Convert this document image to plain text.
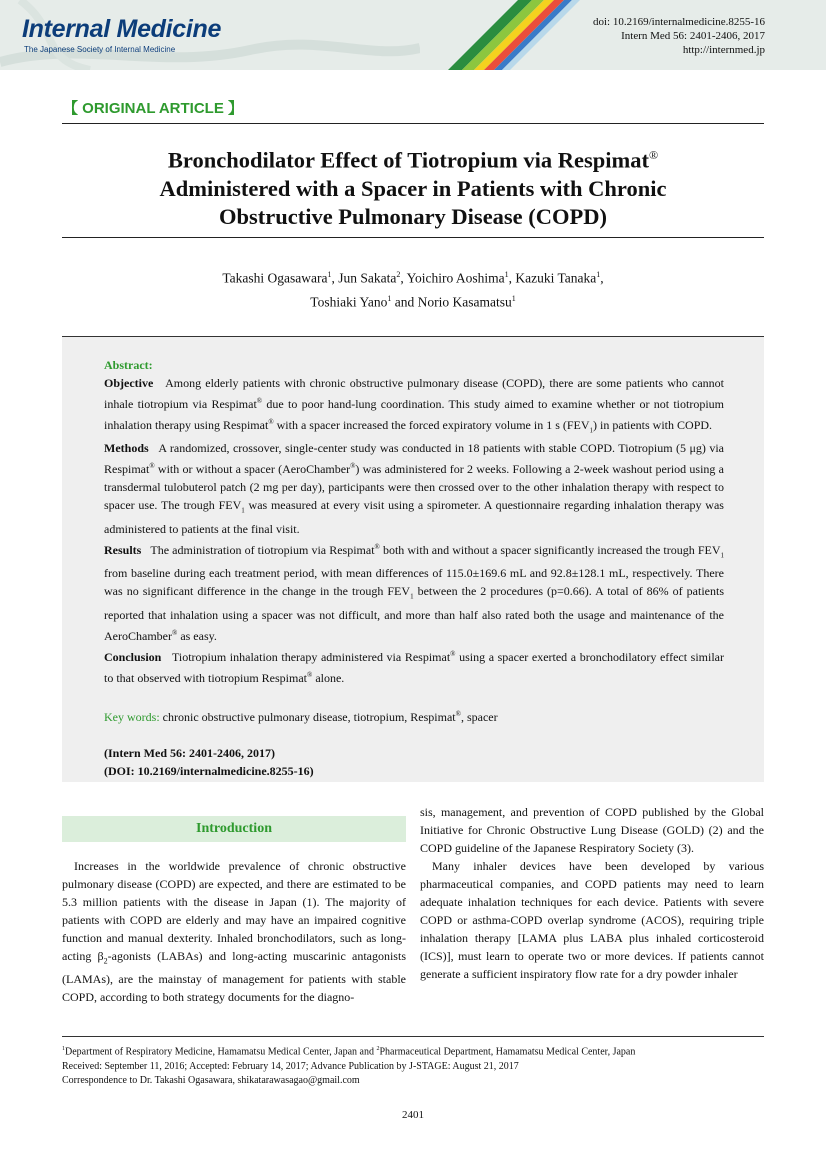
Internal Medicine
The Japanese Society of Internal Medicine
doi: 10.2169/internalmedicine.8255-16
Intern Med 56: 2401-2406, 2017
http://internmed.jp
【 ORIGINAL ARTICLE 】
Bronchodilator Effect of Tiotropium via Respimat®
Administered with a Spacer in Patients with Chronic
Obstructive Pulmonary Disease (COPD)
Takashi Ogasawara$^1$, Jun Sakata$^2$, Yoichiro Aoshima$^1$, Kazuki Tanaka$^1$,
Toshiaki Yano$^1$ and Norio Kasamatsu$^1$

Abstract:

Objective Among elderly patients with chronic obstructive pulmonary disease (COPD), there are some patients who cannot inhale tiotropium via Respimat® due to poor hand-lung coordination. This study aimed to examine whether or not tiotropium inhalation therapy using Respimat® with a spacer increased the forced expiratory volume in 1 s $(FEV_1)$ in patients with COPD.

Methods A randomized, crossover, single-center study was conducted in 18 patients with stable COPD. Tiotropium (5 μg) via Respimat® with or without a spacer (AeroChamber®) was administered for 2 weeks. Following a 2-week washout period using a transdermal tulobuterol patch (2 mg per day), participants were then crossed over to the other inhalation therapy with respect to spacer use. The trough $FEV_1$ was measured at every visit using a spirometer. A questionnaire regarding inhalation therapy was administered to patients at the final visit.

Results The administration of tiotropium via Respimat® both with and without a spacer significantly increased the trough $FEV_1$ from baseline during each treatment period, with mean differences of 115.0±169.6 mL and 92.8±128.1 mL, respectively. There was no significant difference in the change in the trough $FEV_1$ between the 2 procedures (p=0.66). A total of 86% of patients reported that inhalation using a spacer was not difficult, and more than half also rated both the usage and maintenance of the AeroChamber® as easy.

Conclusion Tiotropium inhalation therapy administered via Respimat® using a spacer exerted a bronchodilatory effect similar to that observed with tiotropium Respimat® alone.

Key words: chronic obstructive pulmonary disease, tiotropium, Respimat®, spacer

(Intern Med 56: 2401-2406, 2017)

(DOI: 10.2169/internalmedicine.8255-16)

Introduction

Increases in the worldwide prevalence of chronic obstructive pulmonary disease (COPD) are expected, and there are estimated to be 5.3 million patients with the disease in Japan (1). The majority of patients with COPD are elderly and may have an impaired cognitive function and manual dexterity. Inhaled bronchodilators, such as long-acting $\beta_2$-agonists (LABAs) and long-acting muscarinic antagonists (LAMAs), are the mainstay of management for patients with stable COPD, according to both strategy documents for the diagno-

sis, management, and prevention of COPD published by the Global Initiative for Chronic Obstructive Lung Disease (GOLD) (2) and the COPD guideline of the Japanese Respiratory Society (3).

Many inhaler devices have been developed by various pharmaceutical companies, and COPD patients may need to learn adequate inhalation techniques for each device. Patients with severe COPD or asthma-COPD overlap syndrome (ACOS), requiring triple inhalation therapy [LAMA plus LABA plus inhaled corticosteroid (ICS)], must learn to operate two or more devices. If patients cannot generate a sufficient inspiratory flow rate for a dry powder inhaler

$^1$Department of Respiratory Medicine, Hamamatsu Medical Center, Japan and $^2$Pharmaceutical Department, Hamamatsu Medical Center, Japan
Received: September 11, 2016; Accepted: February 14, 2017; Advance Publication by J-STAGE: August 21, 2017
Correspondence to Dr. Takashi Ogasawara, shikatarawasagao@gmail.com
2401
